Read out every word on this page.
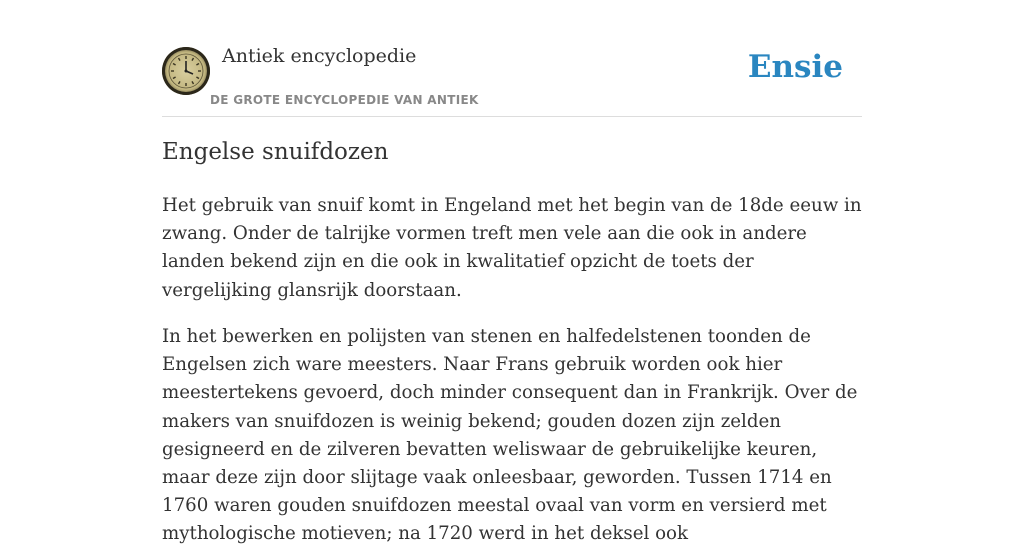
Antiek encyclopedie
DE GROTE ENCYCLOPEDIE VAN ANTIEK
Ensie
Engelse snuifdozen

Het gebruik van snuif komt in Engeland met het begin van de 18de eeuw in zwang. Onder de talrijke vormen treft men vele aan die ook in andere landen bekend zijn en die ook in kwalitatief opzicht de toets der vergelijking glansrijk doorstaan.

In het bewerken en polijsten van stenen en halfedelstenen toonden de Engelsen zich ware meesters. Naar Frans gebruik worden ook hier meestertekens gevoerd, doch minder consequent dan in Frankrijk. Over de makers van snuifdozen is weinig bekend; gouden dozen zijn zelden gesigneerd en de zilveren bevatten weliswaar de gebruikelijke keuren, maar deze zijn door slijtage vaak onleesbaar, geworden. Tussen 1714 en 1760 waren gouden snuifdozen meestal ovaal van vorm en versierd met mythologische motieven; na 1720 werd in het deksel ook
